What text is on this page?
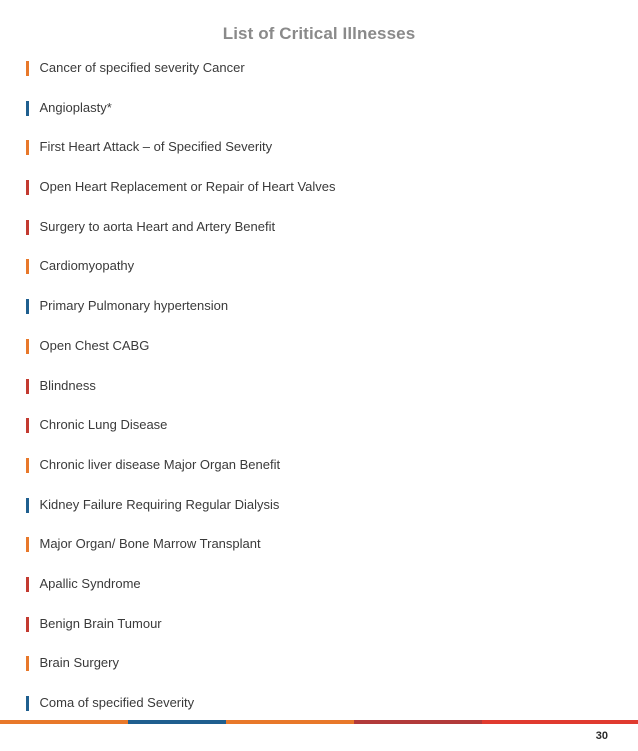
List of Critical Illnesses
Cancer of specified severity Cancer
Angioplasty*
First Heart Attack – of Specified Severity
Open Heart Replacement or Repair of Heart Valves
Surgery to aorta Heart and Artery Benefit
Cardiomyopathy
Primary Pulmonary hypertension
Open Chest CABG
Blindness
Chronic Lung Disease
Chronic liver disease Major Organ Benefit
Kidney Failure Requiring Regular Dialysis
Major Organ/ Bone Marrow Transplant
Apallic Syndrome
Benign Brain Tumour
Brain Surgery
Coma of specified Severity
30
